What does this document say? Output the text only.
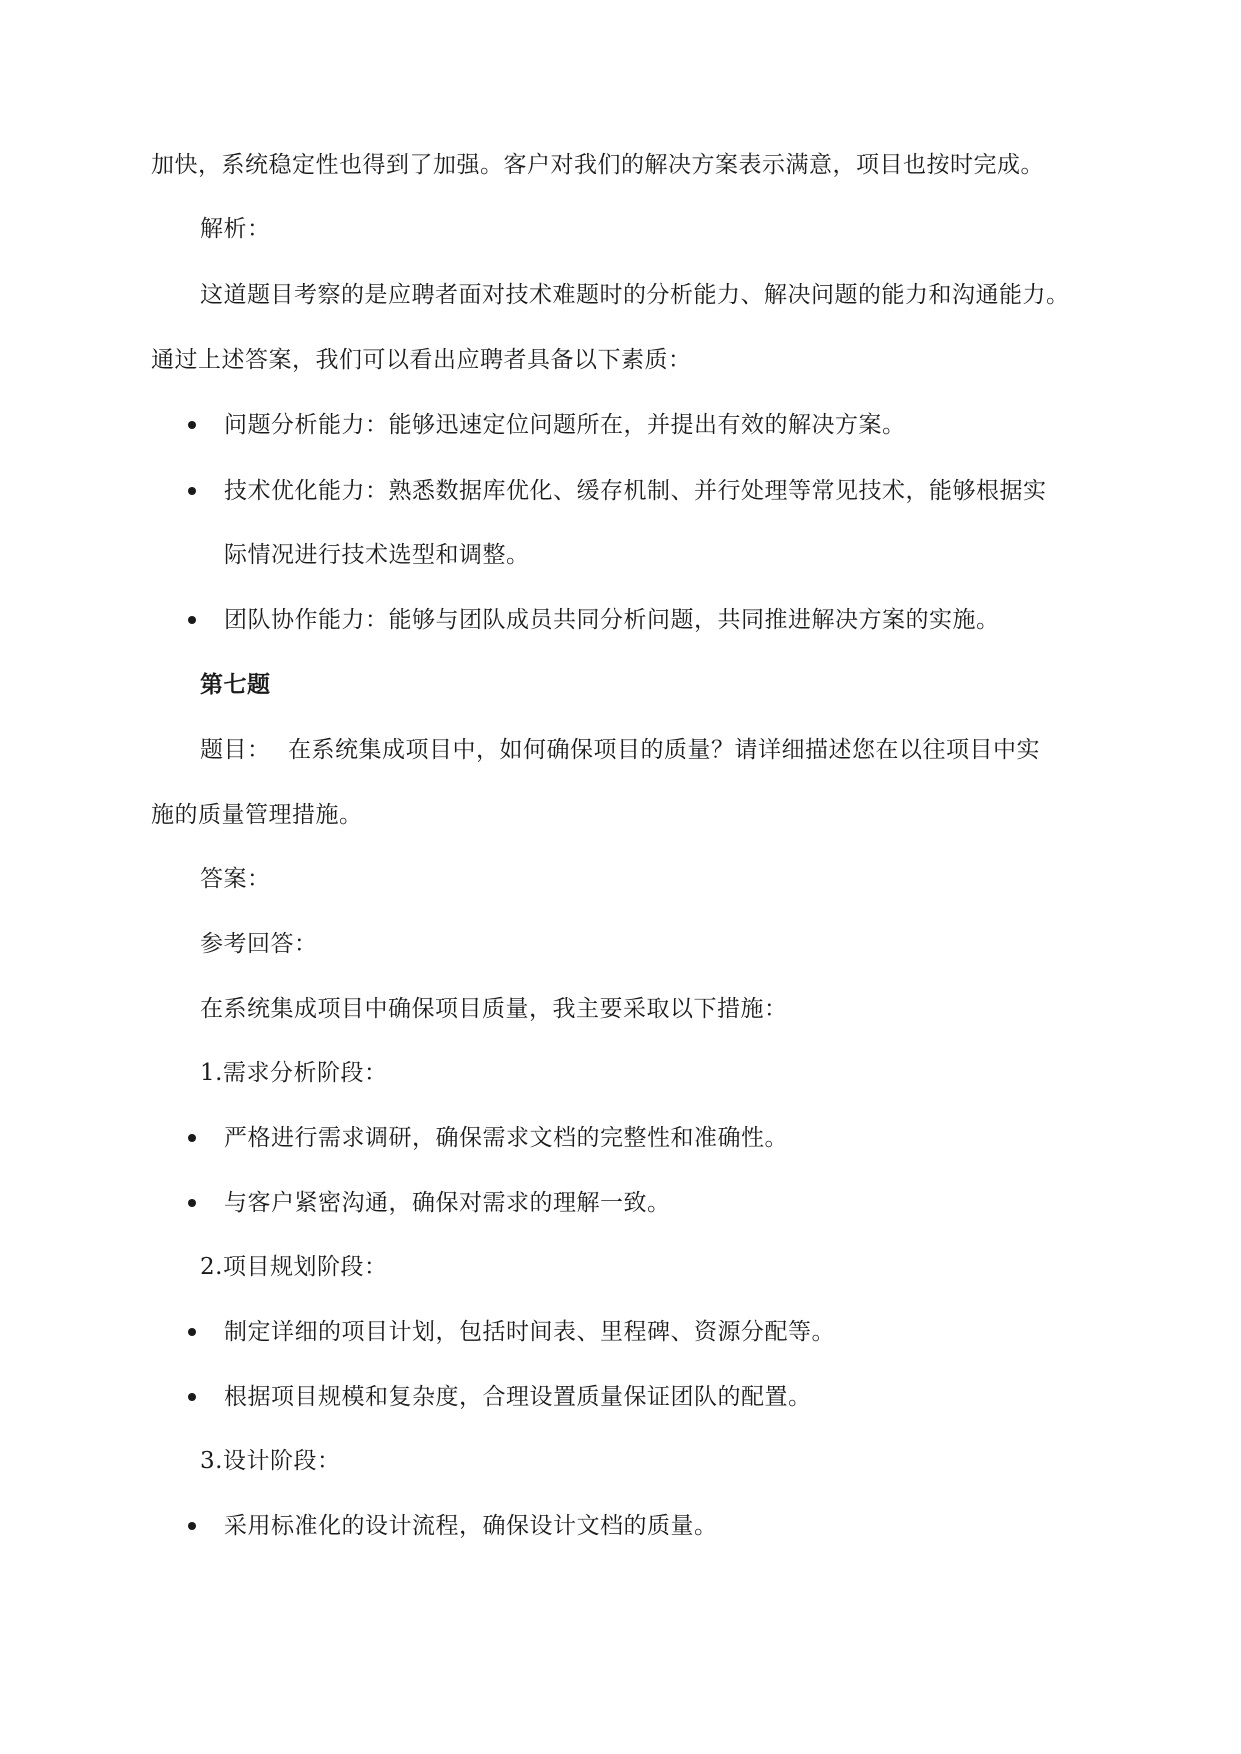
加快，系统稳定性也得到了加强。客户对我们的解决方案表示满意，项目也按时完成。
解析：
这道题目考察的是应聘者面对技术难题时的分析能力、解决问题的能力和沟通能力。
通过上述答案，我们可以看出应聘者具备以下素质：
问题分析能力：能够迅速定位问题所在，并提出有效的解决方案。
技术优化能力：熟悉数据库优化、缓存机制、并行处理等常见技术，能够根据实
际情况进行技术选型和调整。
团队协作能力：能够与团队成员共同分析问题，共同推进解决方案的实施。
第七题
题目： 在系统集成项目中，如何确保项目的质量？请详细描述您在以往项目中实
施的质量管理措施。
答案：
参考回答：
在系统集成项目中确保项目质量，我主要采取以下措施：
1.需求分析阶段：
严格进行需求调研，确保需求文档的完整性和准确性。
与客户紧密沟通，确保对需求的理解一致。
2.项目规划阶段：
制定详细的项目计划，包括时间表、里程碑、资源分配等。
根据项目规模和复杂度，合理设置质量保证团队的配置。
3.设计阶段：
采用标准化的设计流程，确保设计文档的质量。
